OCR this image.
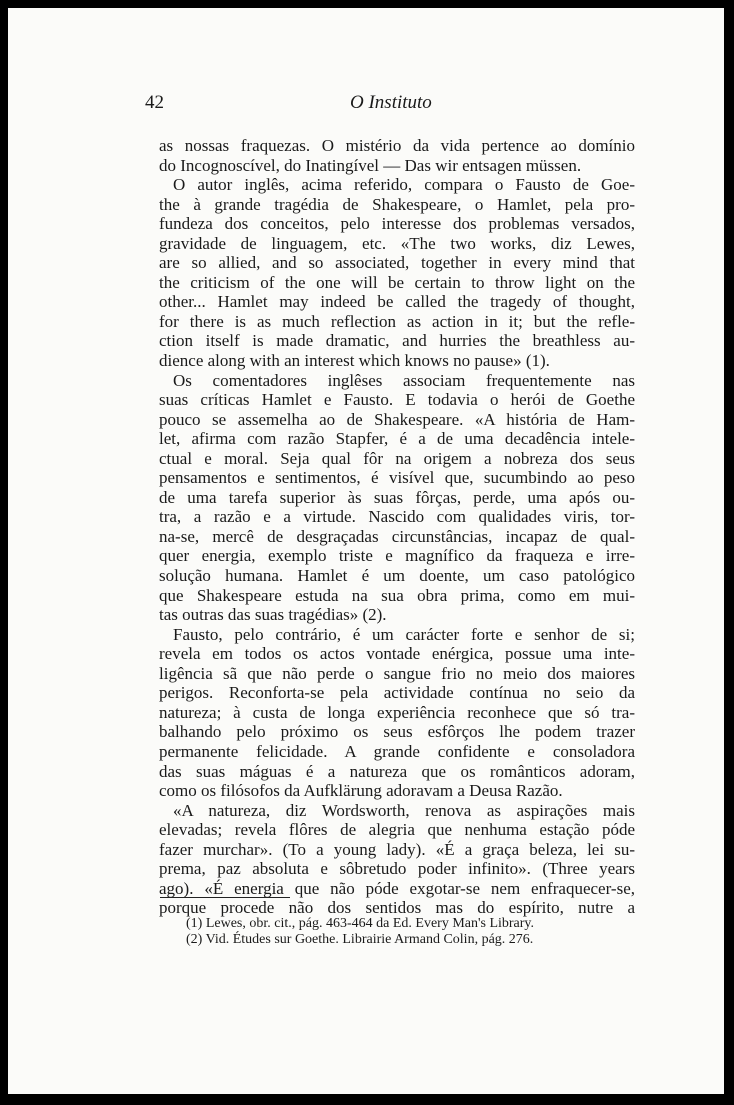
42	O Instituto
as nossas fraquezas. O mistério da vida pertence ao domínio
do Incognoscível, do Inatingível — Das wir entsagen müssen.
O autor inglês, acima referido, compara o Fausto de Goe-
the à grande tragédia de Shakespeare, o Hamlet, pela pro-
fundeza dos conceitos, pelo interesse dos problemas versados,
gravidade de linguagem, etc. «The two works, diz Lewes,
are so allied, and so associated, together in every mind that
the criticism of the one will be certain to throw light on the
other... Hamlet may indeed be called the tragedy of thought,
for there is as much reflection as action in it; but the refle-
ction itself is made dramatic, and hurries the breathless au-
dience along with an interest which knows no pause» (1).
Os comentadores inglêses associam frequentemente nas
suas críticas Hamlet e Fausto. E todavia o herói de Goethe
pouco se assemelha ao de Shakespeare. «A história de Ham-
let, afirma com razão Stapfer, é a de uma decadência intele-
ctual e moral. Seja qual fôr na origem a nobreza dos seus
pensamentos e sentimentos, é visível que, sucumbindo ao peso
de uma tarefa superior às suas fôrças, perde, uma após ou-
tra, a razão e a virtude. Nascido com qualidades viris, tor-
na-se, mercê de desgraçadas circunstâncias, incapaz de qual-
quer energia, exemplo triste e magnífico da fraqueza e irre-
solução humana. Hamlet é um doente, um caso patológico
que Shakespeare estuda na sua obra prima, como em mui-
tas outras das suas tragédias» (2).
Fausto, pelo contrário, é um carácter forte e senhor de si;
revela em todos os actos vontade enérgica, possue uma inte-
ligência sã que não perde o sangue frio no meio dos maiores
perigos. Reconforta-se pela actividade contínua no seio da
natureza; à custa de longa experiência reconhece que só tra-
balhando pelo próximo os seus esfôrços lhe podem trazer
permanente felicidade. A grande confidente e consoladora
das suas máguas é a natureza que os românticos adoram,
como os filósofos da Aufklärung adoravam a Deusa Razão.
«A natureza, diz Wordsworth, renova as aspirações mais
elevadas; revela flôres de alegria que nenhuma estação póde
fazer murchar». (To a young lady). «É a graça beleza, lei su-
prema, paz absoluta e sôbretudo poder infinito». (Three years
ago). «É energia que não póde exgotar-se nem enfraquecer-se,
porque procede não dos sentidos mas do espírito, nutre a
(1) Lewes, obr. cit., pág. 463-464 da Ed. Every Man's Library.
(2) Vid. Études sur Goethe. Librairie Armand Colin, pág. 276.
